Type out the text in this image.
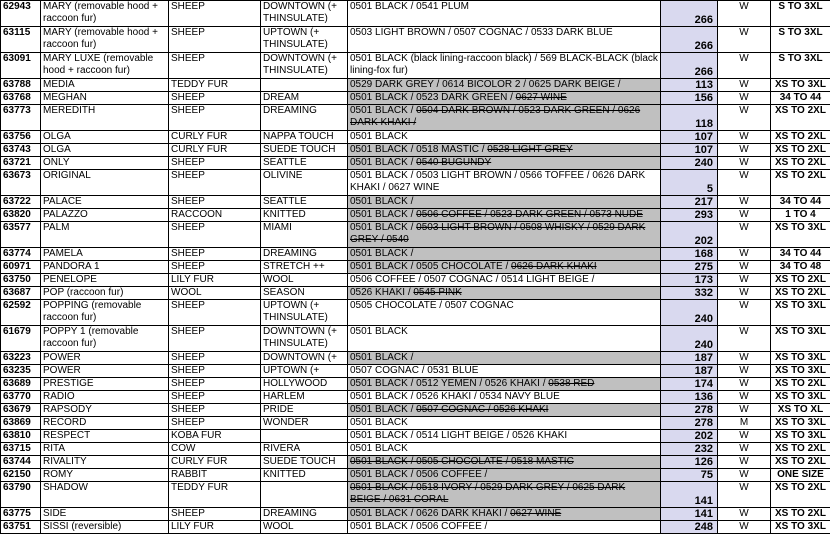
62943	MARY (removable hood + raccoon fur)	SHEEP	DOWNTOWN (+ THINSULATE)	0501 BLACK / 0541 PLUM	266	W	S TO 3XL
63115	MARY (removable hood + raccoon fur)	SHEEP	UPTOWN (+ THINSULATE)	0503 LIGHT BROWN / 0507 COGNAC / 0533 DARK BLUE	266	W	S TO 3XL
63091	MARY LUXE (removable hood + raccoon fur)	SHEEP	DOWNTOWN (+ THINSULATE)	0501 BLACK (black lining-raccoon black) / 569 BLACK-BLACK (black lining-fox fur)	266	W	S TO 3XL
63788	MEDIA	TEDDY FUR		0529 DARK GREY / 0614 BICOLOR 2 / 0625 DARK BEIGE /	113	W	XS TO 3XL
63768	MEGHAN	SHEEP	DREAM	0501 BLACK / 0523 DARK GREEN / 0627 WINE	156	W	34 TO 44
63773	MEREDITH	SHEEP	DREAMING	0501 BLACK / 0504 DARK BROWN / 0523 DARK GREEN / 0626 DARK KHAKI /	118	W	XS TO 2XL
63756	OLGA	CURLY FUR	NAPPA TOUCH	0501 BLACK	107	W	XS TO 2XL
63743	OLGA	CURLY FUR	SUEDE TOUCH	0501 BLACK / 0518 MASTIC / 0528 LIGHT GREY	107	W	XS TO 2XL
63721	ONLY	SHEEP	SEATTLE	0501 BLACK / 0540 BUGUNDY	240	W	XS TO 2XL
63673	ORIGINAL	SHEEP	OLIVINE	0501 BLACK / 0503 LIGHT BROWN / 0566 TOFFEE / 0626 DARK KHAKI / 0627 WINE	5	W	XS TO 2XL
63722	PALACE	SHEEP	SEATTLE	0501 BLACK /	217	W	34 TO 44
63820	PALAZZO	RACCOON	KNITTED	0501 BLACK / 0506 COFFEE / 0523 DARK GREEN / 0573 NUDE	293	W	1 TO 4
63577	PALM	SHEEP	MIAMI	0501 BLACK / 0503 LIGHT BROWN / 0508 WHISKY / 0529 DARK GREY / 0540	202	W	XS TO 3XL
63774	PAMELA	SHEEP	DREAMING	0501 BLACK /	168	W	34 TO 44
60971	PANDORA 1	SHEEP	STRETCH ++	0501 BLACK / 0505 CHOCOLATE / 0626 DARK KHAKI	275	W	34 TO 48
63750	PENELOPE	LILY FUR	WOOL	0506 COFFEE / 0507 COGNAC / 0514 LIGHT BEIGE /	173	W	XS TO 2XL
63687	POP (raccoon fur)	WOOL	SEASON	0526 KHAKI / 0545 PINK	332	W	XS TO 2XL
62592	POPPING (removable raccoon fur)	SHEEP	UPTOWN (+ THINSULATE)	0505 CHOCOLATE / 0507 COGNAC	240	W	XS TO 3XL
61679	POPPY 1 (removable raccoon fur)	SHEEP	DOWNTOWN (+ THINSULATE)	0501 BLACK	240	W	XS TO 3XL
63223	POWER	SHEEP	DOWNTOWN (+	0501 BLACK /	187	W	XS TO 3XL
63235	POWER	SHEEP	UPTOWN (+	0507 COGNAC / 0531 BLUE	187	W	XS TO 3XL
63689	PRESTIGE	SHEEP	HOLLYWOOD	0501 BLACK / 0512 YEMEN / 0526 KHAKI / 0538 RED	174	W	XS TO 2XL
63770	RADIO	SHEEP	HARLEM	0501 BLACK / 0526 KHAKI / 0534 NAVY BLUE	136	W	XS TO 3XL
63679	RAPSODY	SHEEP	PRIDE	0501 BLACK / 0507 COGNAC / 0526 KHAKI	278	W	XS TO XL
63869	RECORD	SHEEP	WONDER	0501 BLACK	278	M	XS TO 3XL
63810	RESPECT	KOBA FUR		0501 BLACK / 0514 LIGHT BEIGE / 0526 KHAKI	202	W	XS TO 3XL
63715	RITA	COW	RIVERA	0501 BLACK	232	W	XS TO 2XL
63744	RIVALITY	CURLY FUR	SUEDE TOUCH	0501 BLACK / 0505 CHOCOLATE / 0518 MASTIC	126	W	XS TO 2XL
62150	ROMY	RABBIT	KNITTED	0501 BLACK / 0506 COFFEE /	75	W	ONE SIZE
63790	SHADOW	TEDDY FUR		0501 BLACK / 0518 IVORY / 0529 DARK GREY / 0625 DARK BEIGE / 0631 CORAL	141	W	XS TO 2XL
63775	SIDE	SHEEP	DREAMING	0501 BLACK / 0626 DARK KHAKI / 0627 WINE	141	W	XS TO 2XL
63751	SISSI (reversible)	LILY FUR	WOOL	0501 BLACK / 0506 COFFEE /	248	W	XS TO 3XL
